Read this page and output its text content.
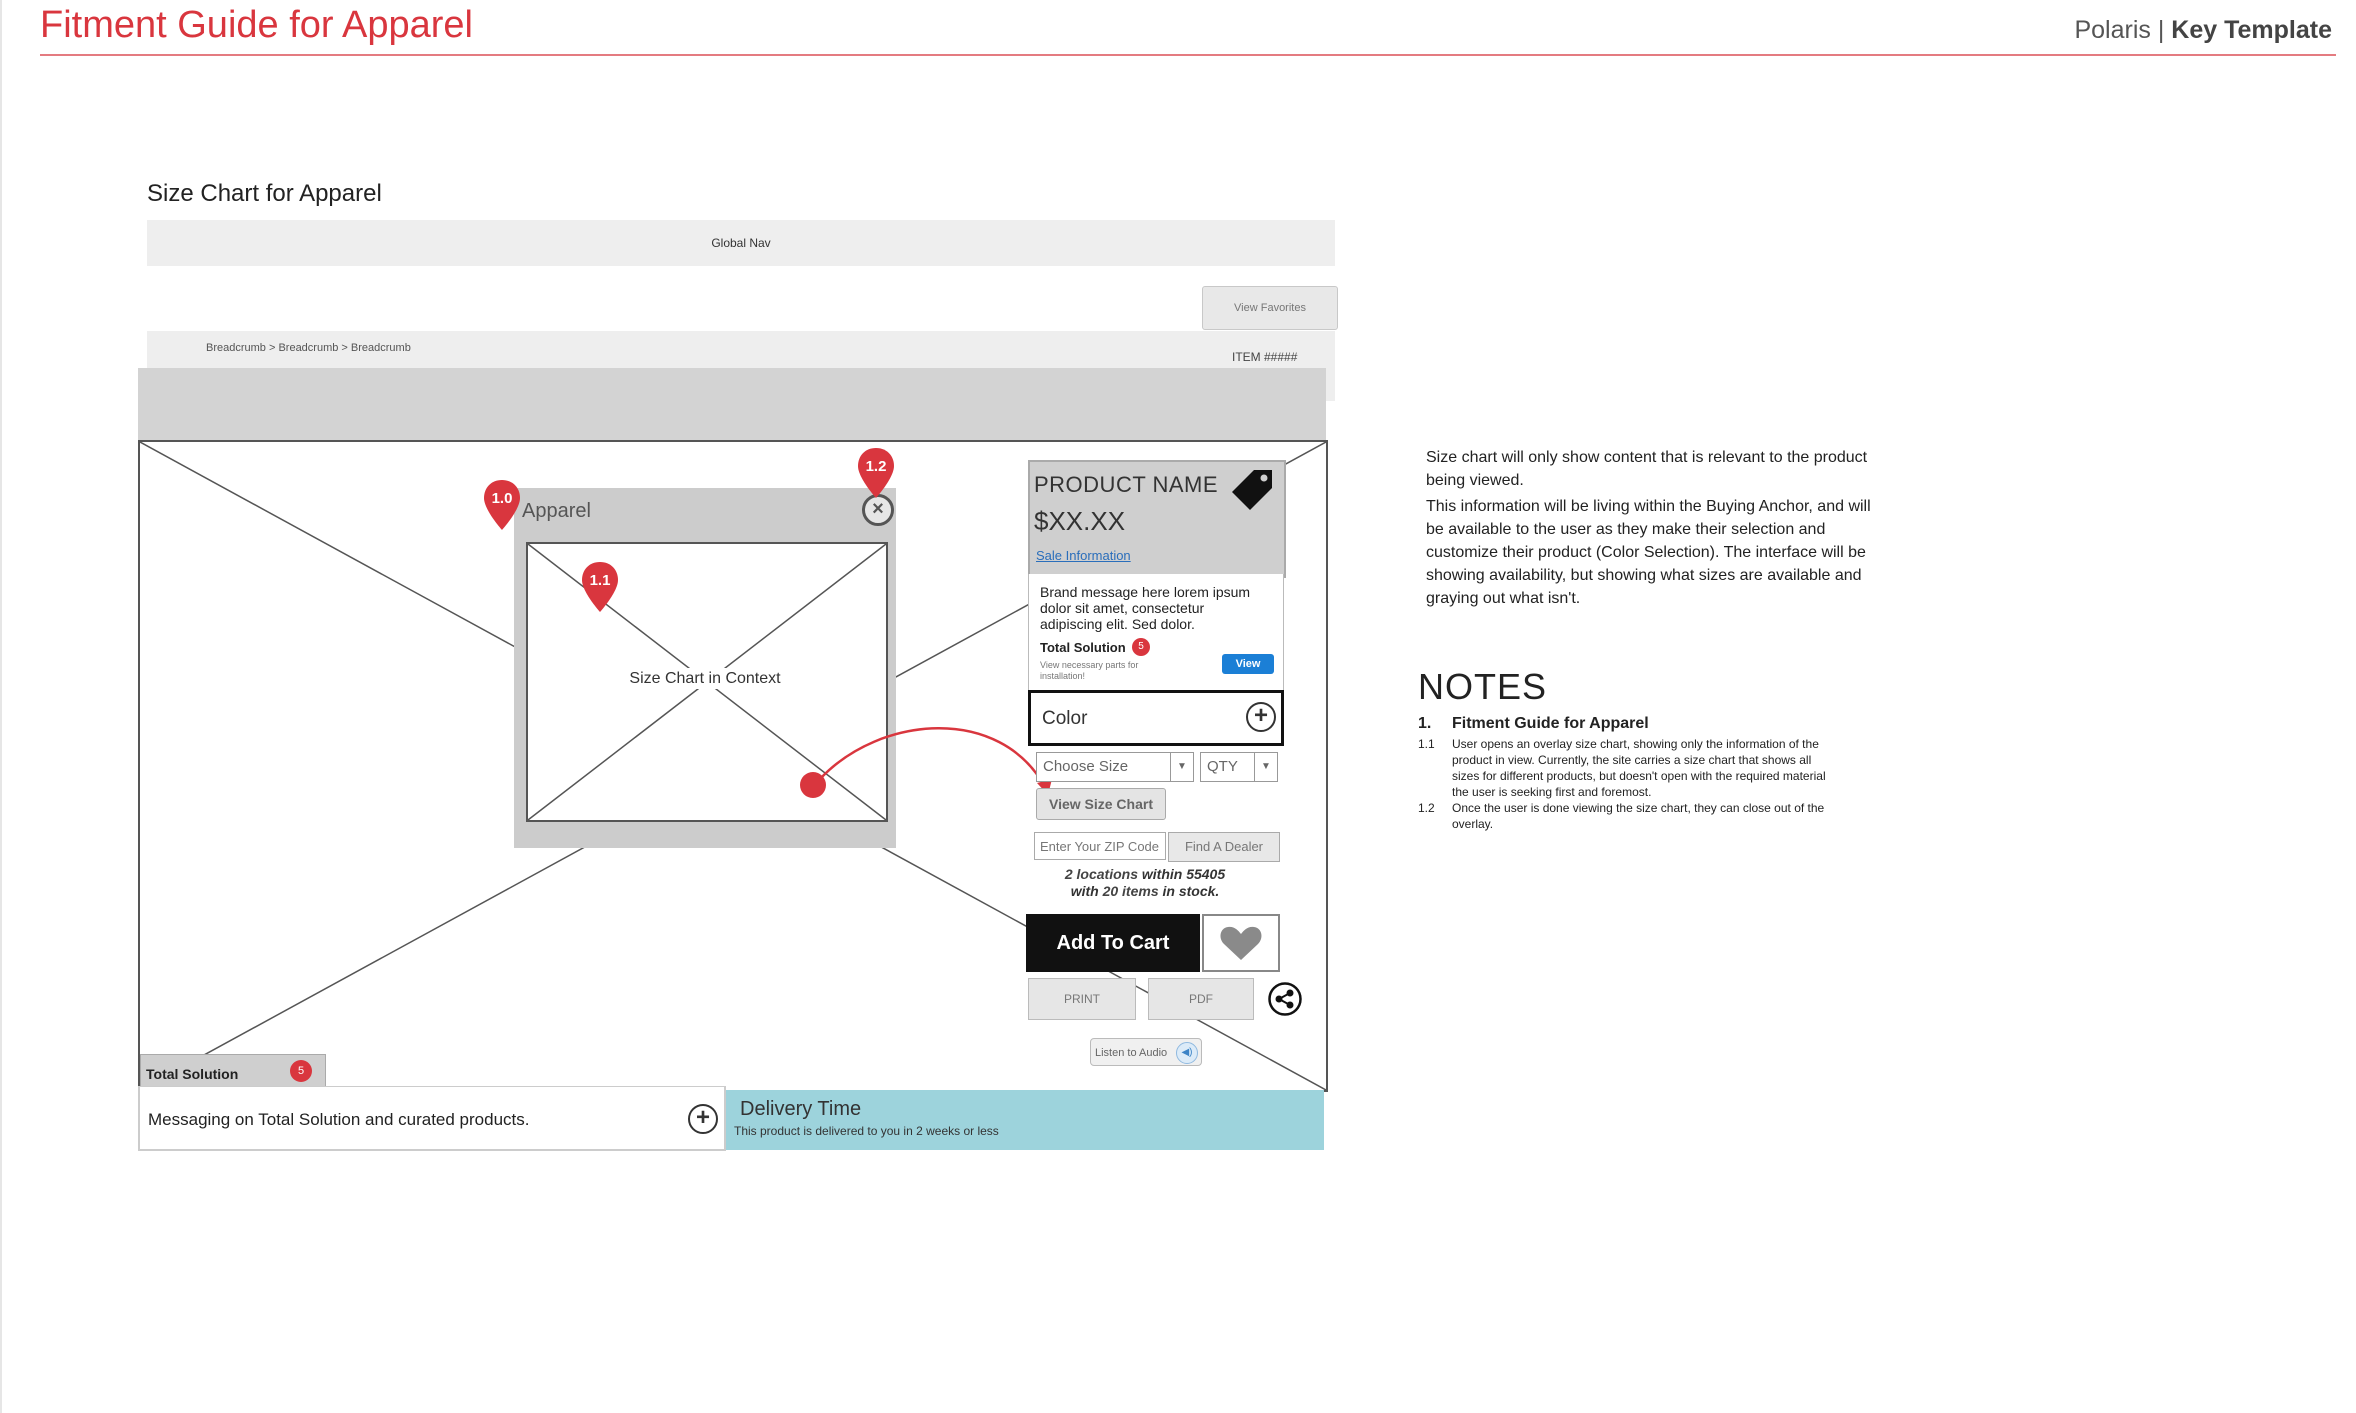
Fitment Guide for Apparel	Polaris | Key Template
Size Chart for Apparel
Global Nav
View Favorites
Breadcrumb > Breadcrumb > Breadcrumb
ITEM #####
Apparel
Size Chart in Context
×
1.0
1.1
1.2
PRODUCT NAME
$XX.XX
Sale Information
Brand message here lorem ipsum dolor sit amet, consectetur adipiscing elit. Sed dolor.
Total Solution	5
View necessary parts for installation!
View
Color	+
Choose Size	▼	QTY	▼
View Size Chart
Enter Your ZIP Code	Find A Dealer
2 locations within 55405
with 20 items in stock.
Add To Cart
PRINT	PDF
Listen to Audio	◀)
Total Solution	5
Messaging on Total Solution and curated products.	+	Delivery Time
This product is delivered to you in 2 weeks or less

Size chart will only show content that is relevant to the product being viewed.

This information will be living within the Buying Anchor, and will be available to the user as they make their selection and customize their product (Color Selection). The interface will be showing availability, but showing what sizes are available and graying out what isn't.

NOTES
1.	Fitment Guide for Apparel
1.1	User opens an overlay size chart, showing only the information of the product in view. Currently, the site carries a size chart that shows all sizes for different products, but doesn't open with the required material the user is seeking first and foremost.
1.2	Once the user is done viewing the size chart, they can close out of the overlay.
